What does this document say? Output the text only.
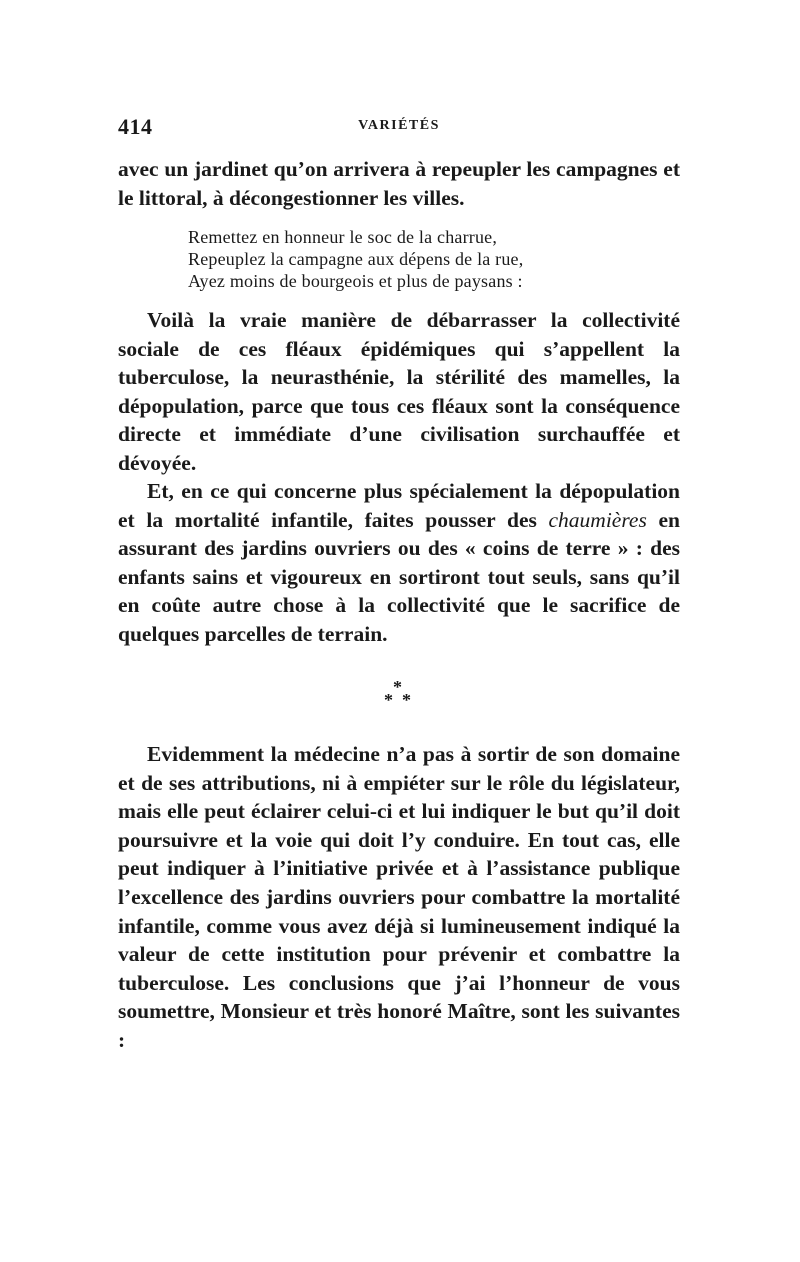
414	VARIÉTÉS

avec un jardinet qu’on arrivera à repeupler les campagnes et le littoral, à décongestionner les villes.

Remettez en honneur le soc de la charrue,
Repeuplez la campagne aux dépens de la rue,
Ayez moins de bourgeois et plus de paysans :

Voilà la vraie manière de débarrasser la collectivité sociale de ces fléaux épidémiques qui s’appellent la tuberculose, la neurasthénie, la stérilité des mamelles, la dépopulation, parce que tous ces fléaux sont la conséquence directe et immédiate d’une civilisation surchauffée et dévoyée.

Et, en ce qui concerne plus spécialement la dépopulation et la mortalité infantile, faites pousser des chaumières en assurant des jardins ouvriers ou des « coins de terre » : des enfants sains et vigoureux en sortiront tout seuls, sans qu’il en coûte autre chose à la collectivité que le sacrifice de quelques parcelles de terrain.

*
* *

Evidemment la médecine n’a pas à sortir de son domaine et de ses attributions, ni à empiéter sur le rôle du législateur, mais elle peut éclairer celui-ci et lui indiquer le but qu’il doit poursuivre et la voie qui doit l’y conduire. En tout cas, elle peut indiquer à l’initiative privée et à l’assistance publique l’excellence des jardins ouvriers pour combattre la mortalité infantile, comme vous avez déjà si lumineusement indiqué la valeur de cette institution pour prévenir et combattre la tuberculose. Les conclusions que j’ai l’honneur de vous soumettre, Monsieur et très honoré Maître, sont les suivantes :
